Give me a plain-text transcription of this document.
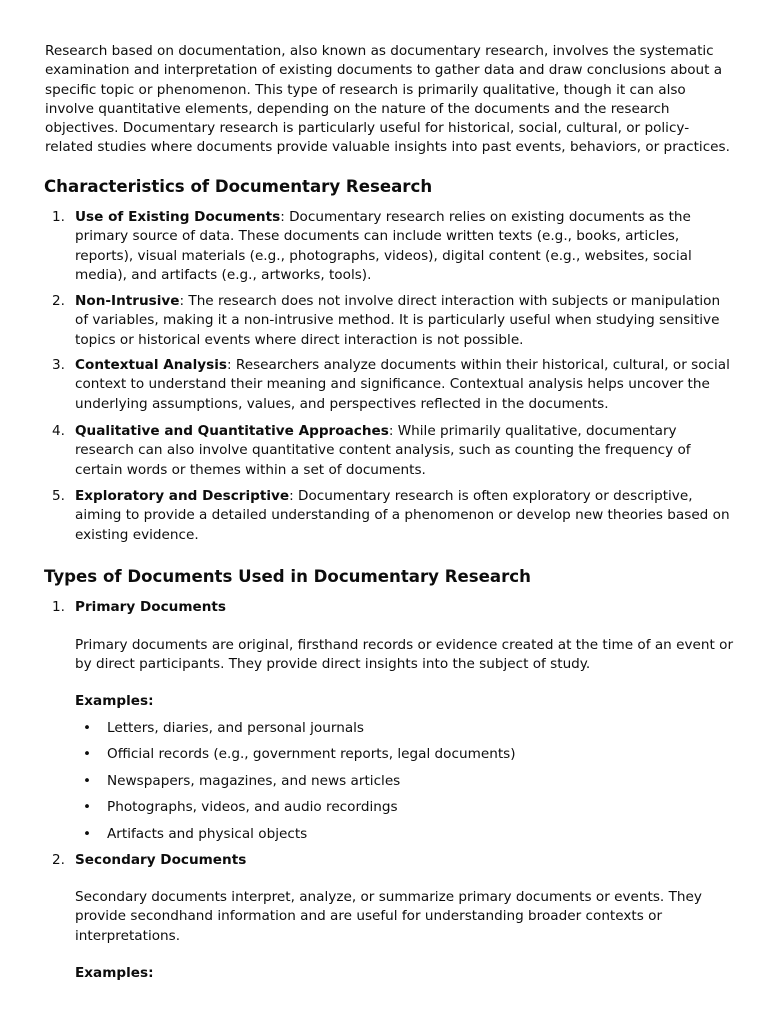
Research based on documentation, also known as documentary research, involves the systematic examination and interpretation of existing documents to gather data and draw conclusions about a specific topic or phenomenon. This type of research is primarily qualitative, though it can also involve quantitative elements, depending on the nature of the documents and the research objectives. Documentary research is particularly useful for historical, social, cultural, or policy-related studies where documents provide valuable insights into past events, behaviors, or practices.

Characteristics of Documentary Research
1. Use of Existing Documents: Documentary research relies on existing documents as the primary source of data. These documents can include written texts (e.g., books, articles, reports), visual materials (e.g., photographs, videos), digital content (e.g., websites, social media), and artifacts (e.g., artworks, tools).
2. Non-Intrusive: The research does not involve direct interaction with subjects or manipulation of variables, making it a non-intrusive method. It is particularly useful when studying sensitive topics or historical events where direct interaction is not possible.
3. Contextual Analysis: Researchers analyze documents within their historical, cultural, or social context to understand their meaning and significance. Contextual analysis helps uncover the underlying assumptions, values, and perspectives reflected in the documents.
4. Qualitative and Quantitative Approaches: While primarily qualitative, documentary research can also involve quantitative content analysis, such as counting the frequency of certain words or themes within a set of documents.
5. Exploratory and Descriptive: Documentary research is often exploratory or descriptive, aiming to provide a detailed understanding of a phenomenon or develop new theories based on existing evidence.
Types of Documents Used in Documentary Research
1. Primary Documents

Primary documents are original, firsthand records or evidence created at the time of an event or by direct participants. They provide direct insights into the subject of study.

Examples:
• Letters, diaries, and personal journals
• Official records (e.g., government reports, legal documents)
• Newspapers, magazines, and news articles
• Photographs, videos, and audio recordings
• Artifacts and physical objects
2. Secondary Documents

Secondary documents interpret, analyze, or summarize primary documents or events. They provide secondhand information and are useful for understanding broader contexts or interpretations.

Examples:
